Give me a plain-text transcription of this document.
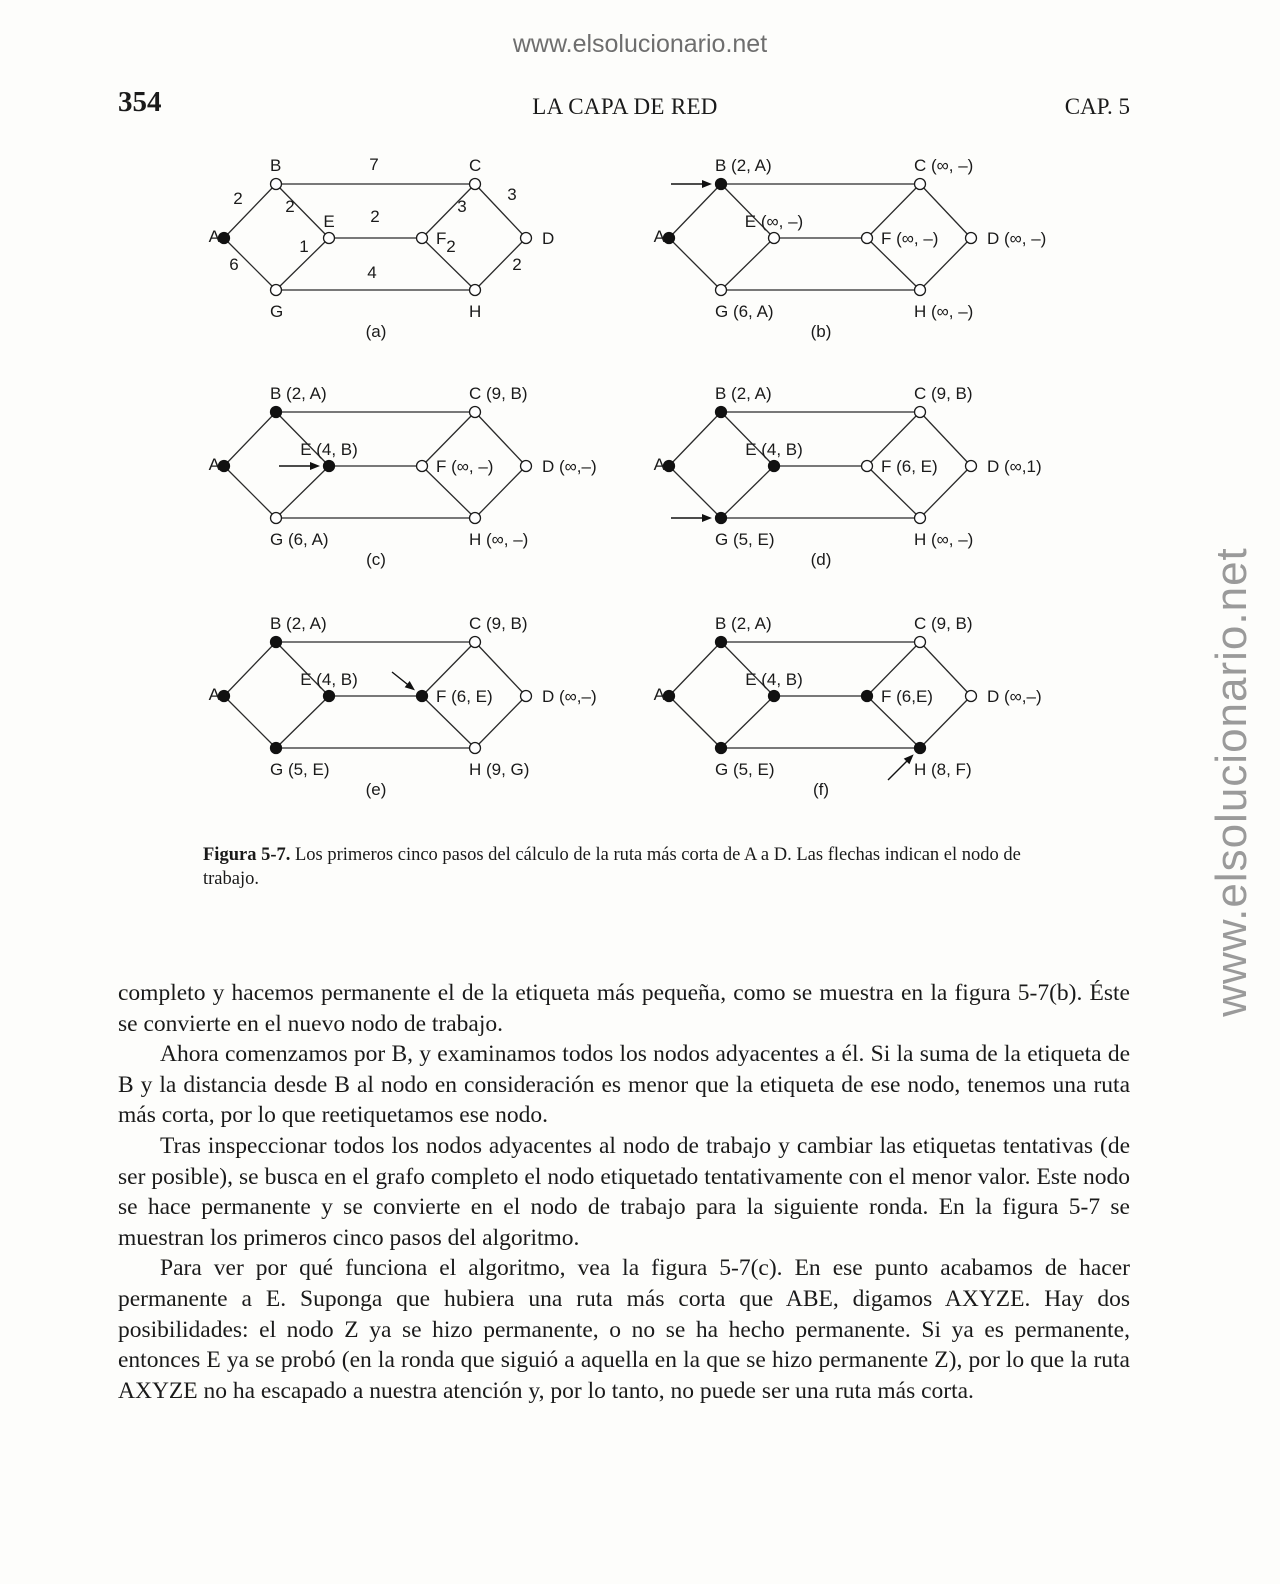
www.elsolucionario.net
www.elsolucionario.net
354	LA CAPA DE RED	CAP. 5
2
7
3
2
2
3
6
1	2
4	2
A
B	C
D
E
F
G	H
(a)
A
B (2, A)	C (∞, –)
D (∞, –)
E (∞, –)
F (∞, –)
G (6, A)	H (∞, –)
(b)
A
B (2, A)	C (9, B)
D (∞,–)
E (4, B)
F (∞, –)
G (6, A)	H (∞, –)
(c)
A
B (2, A)	C (9, B)
D (∞,1)
E (4, B)
F (6, E)
G (5, E)	H (∞, –)
(d)
A
B (2, A)	C (9, B)
D (∞,–)
E (4, B)
F (6, E)
G (5, E)	H (9, G)
(e)
A
B (2, A)	C (9, B)
D (∞,–)
E (4, B)
F (6,E)
G (5, E)	H (8, F)
(f)
Figura 5-7. Los primeros cinco pasos del cálculo de la ruta más corta de A a D. Las flechas indican el nodo de trabajo.

completo y hacemos permanente el de la etiqueta más pequeña, como se muestra en la figura 5-7(b). Éste se convierte en el nuevo nodo de trabajo.

Ahora comenzamos por B, y examinamos todos los nodos adyacentes a él. Si la suma de la etiqueta de B y la distancia desde B al nodo en consideración es menor que la etiqueta de ese nodo, tenemos una ruta más corta, por lo que reetiquetamos ese nodo.

Tras inspeccionar todos los nodos adyacentes al nodo de trabajo y cambiar las etiquetas tentativas (de ser posible), se busca en el grafo completo el nodo etiquetado tentativamente con el menor valor. Este nodo se hace permanente y se convierte en el nodo de trabajo para la siguiente ronda. En la figura 5-7 se muestran los primeros cinco pasos del algoritmo.

Para ver por qué funciona el algoritmo, vea la figura 5-7(c). En ese punto acabamos de hacer permanente a E. Suponga que hubiera una ruta más corta que ABE, digamos AXYZE. Hay dos posibilidades: el nodo Z ya se hizo permanente, o no se ha hecho permanente. Si ya es permanente, entonces E ya se probó (en la ronda que siguió a aquella en la que se hizo permanente Z), por lo que la ruta AXYZE no ha escapado a nuestra atención y, por lo tanto, no puede ser una ruta más corta.
